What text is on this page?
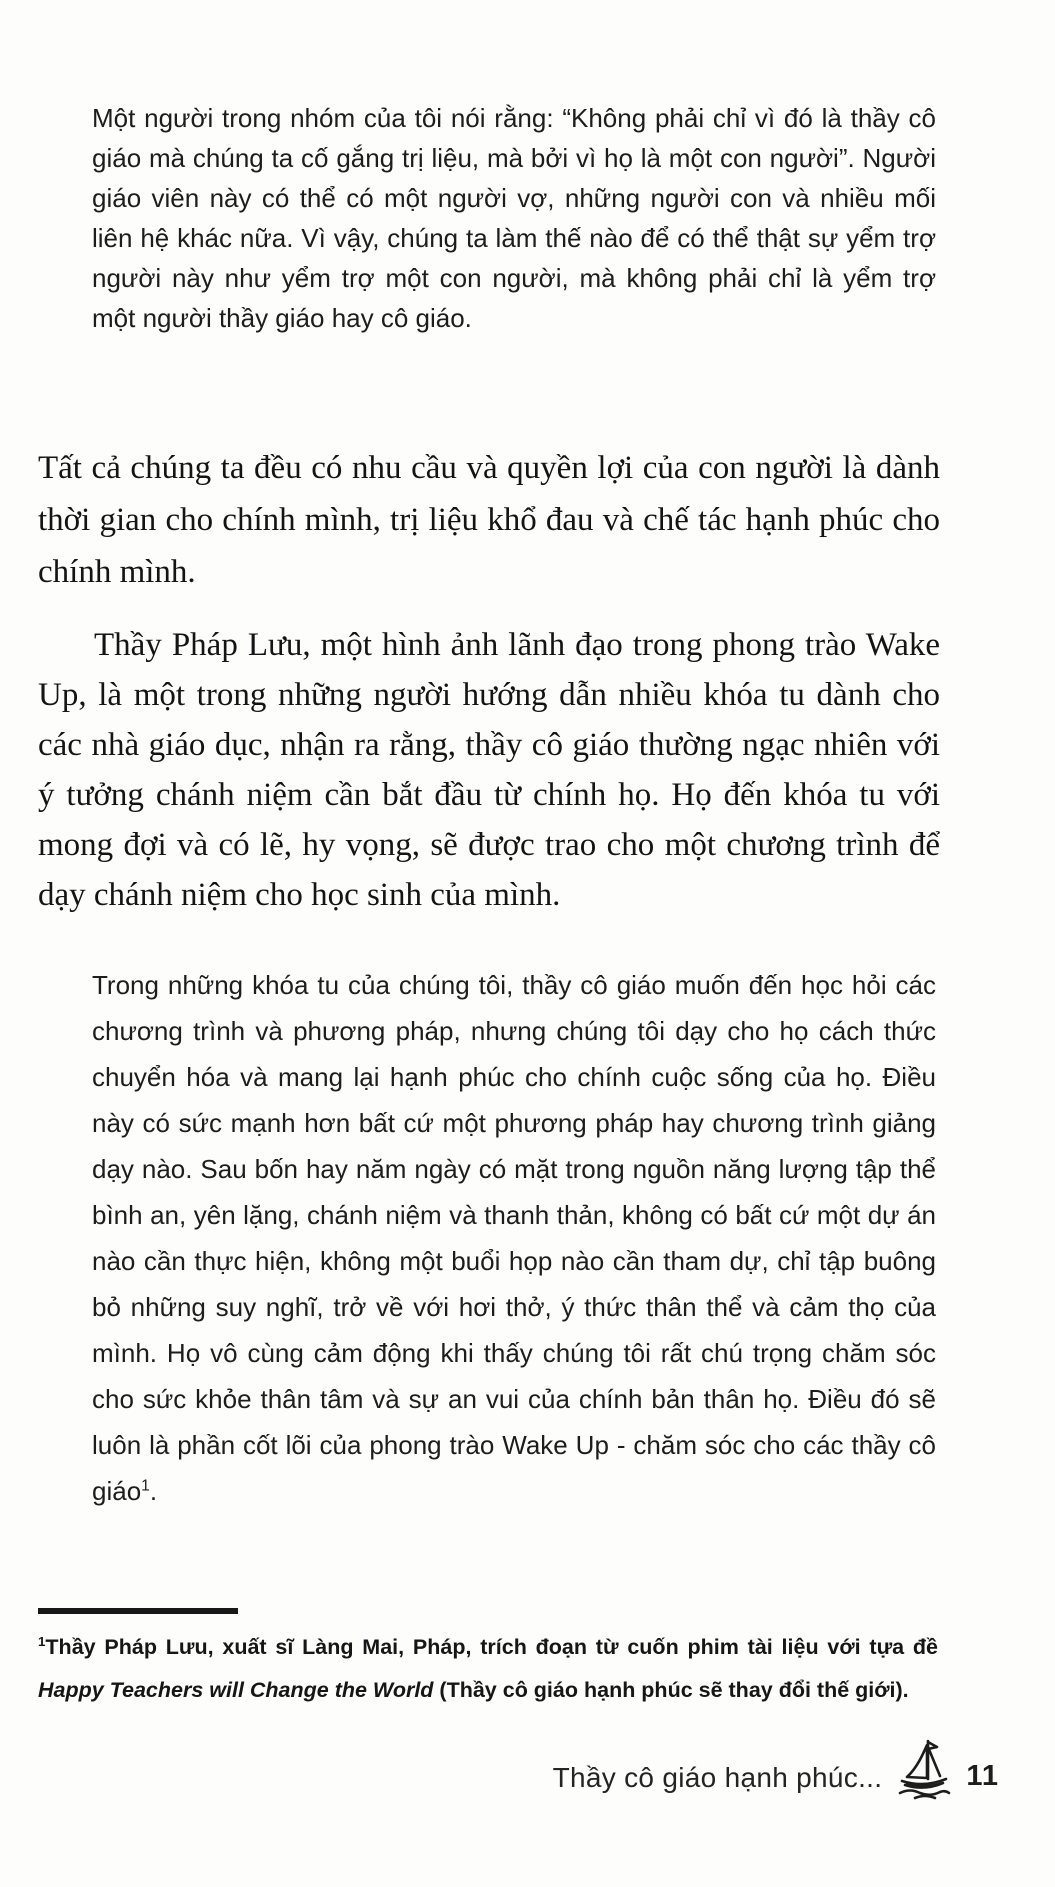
Một người trong nhóm của tôi nói rằng: “Không phải chỉ vì đó là thầy cô giáo mà chúng ta cố gắng trị liệu, mà bởi vì họ là một con người”. Người giáo viên này có thể có một người vợ, những người con và nhiều mối liên hệ khác nữa. Vì vậy, chúng ta làm thế nào để có thể thật sự yểm trợ người này như yểm trợ một con người, mà không phải chỉ là yểm trợ một người thầy giáo hay cô giáo.

Tất cả chúng ta đều có nhu cầu và quyền lợi của con người là dành thời gian cho chính mình, trị liệu khổ đau và chế tác hạnh phúc cho chính mình.

Thầy Pháp Lưu, một hình ảnh lãnh đạo trong phong trào Wake Up, là một trong những người hướng dẫn nhiều khóa tu dành cho các nhà giáo dục, nhận ra rằng, thầy cô giáo thường ngạc nhiên với ý tưởng chánh niệm cần bắt đầu từ chính họ. Họ đến khóa tu với mong đợi và có lẽ, hy vọng, sẽ được trao cho một chương trình để dạy chánh niệm cho học sinh của mình.

Trong những khóa tu của chúng tôi, thầy cô giáo muốn đến học hỏi các chương trình và phương pháp, nhưng chúng tôi dạy cho họ cách thức chuyển hóa và mang lại hạnh phúc cho chính cuộc sống của họ. Điều này có sức mạnh hơn bất cứ một phương pháp hay chương trình giảng dạy nào. Sau bốn hay năm ngày có mặt trong nguồn năng lượng tập thể bình an, yên lặng, chánh niệm và thanh thản, không có bất cứ một dự án nào cần thực hiện, không một buổi họp nào cần tham dự, chỉ tập buông bỏ những suy nghĩ, trở về với hơi thở, ý thức thân thể và cảm thọ của mình. Họ vô cùng cảm động khi thấy chúng tôi rất chú trọng chăm sóc cho sức khỏe thân tâm và sự an vui của chính bản thân họ. Điều đó sẽ luôn là phần cốt lõi của phong trào Wake Up - chăm sóc cho các thầy cô giáo$^1$.

$^1$Thầy Pháp Lưu, xuất sĩ Làng Mai, Pháp, trích đoạn từ cuốn phim tài liệu với tựa đề Happy Teachers will Change the World (Thầy cô giáo hạnh phúc sẽ thay đổi thế giới).

Thầy cô giáo hạnh phúc...	11
